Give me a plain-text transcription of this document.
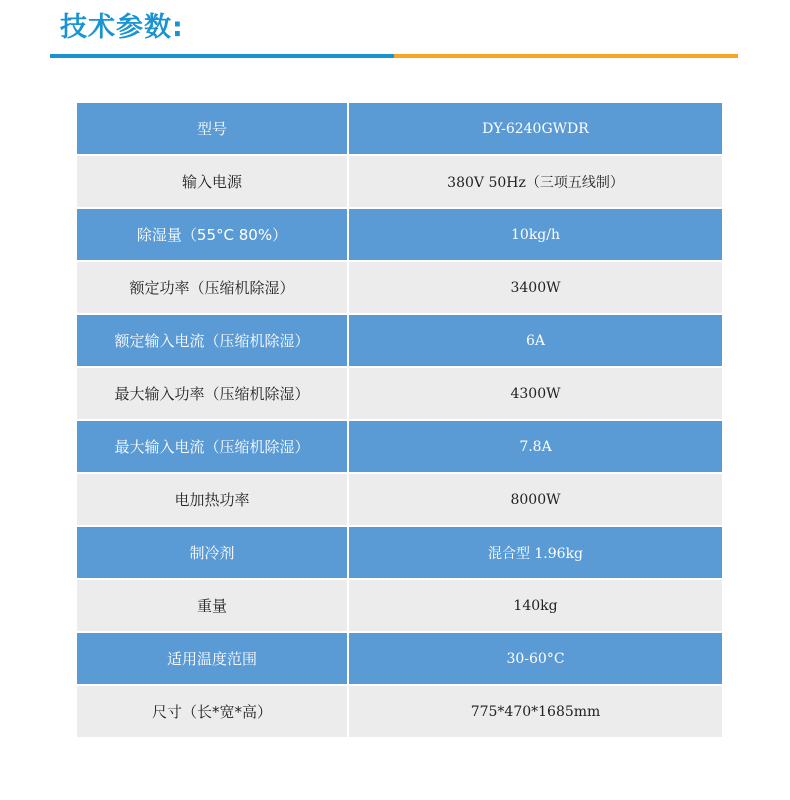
技术参数:
型号	DY-6240GWDR
输入电源	380V 50Hz（三项五线制）
除湿量（55°C 80%）	10kg/h
额定功率（压缩机除湿）	3400W
额定输入电流（压缩机除湿）	6A
最大输入功率（压缩机除湿）	4300W
最大输入电流（压缩机除湿）	7.8A
电加热功率	8000W
制冷剂	混合型 1.96kg
重量	140kg
适用温度范围	30-60°C
尺寸（长*宽*高）	775*470*1685mm
